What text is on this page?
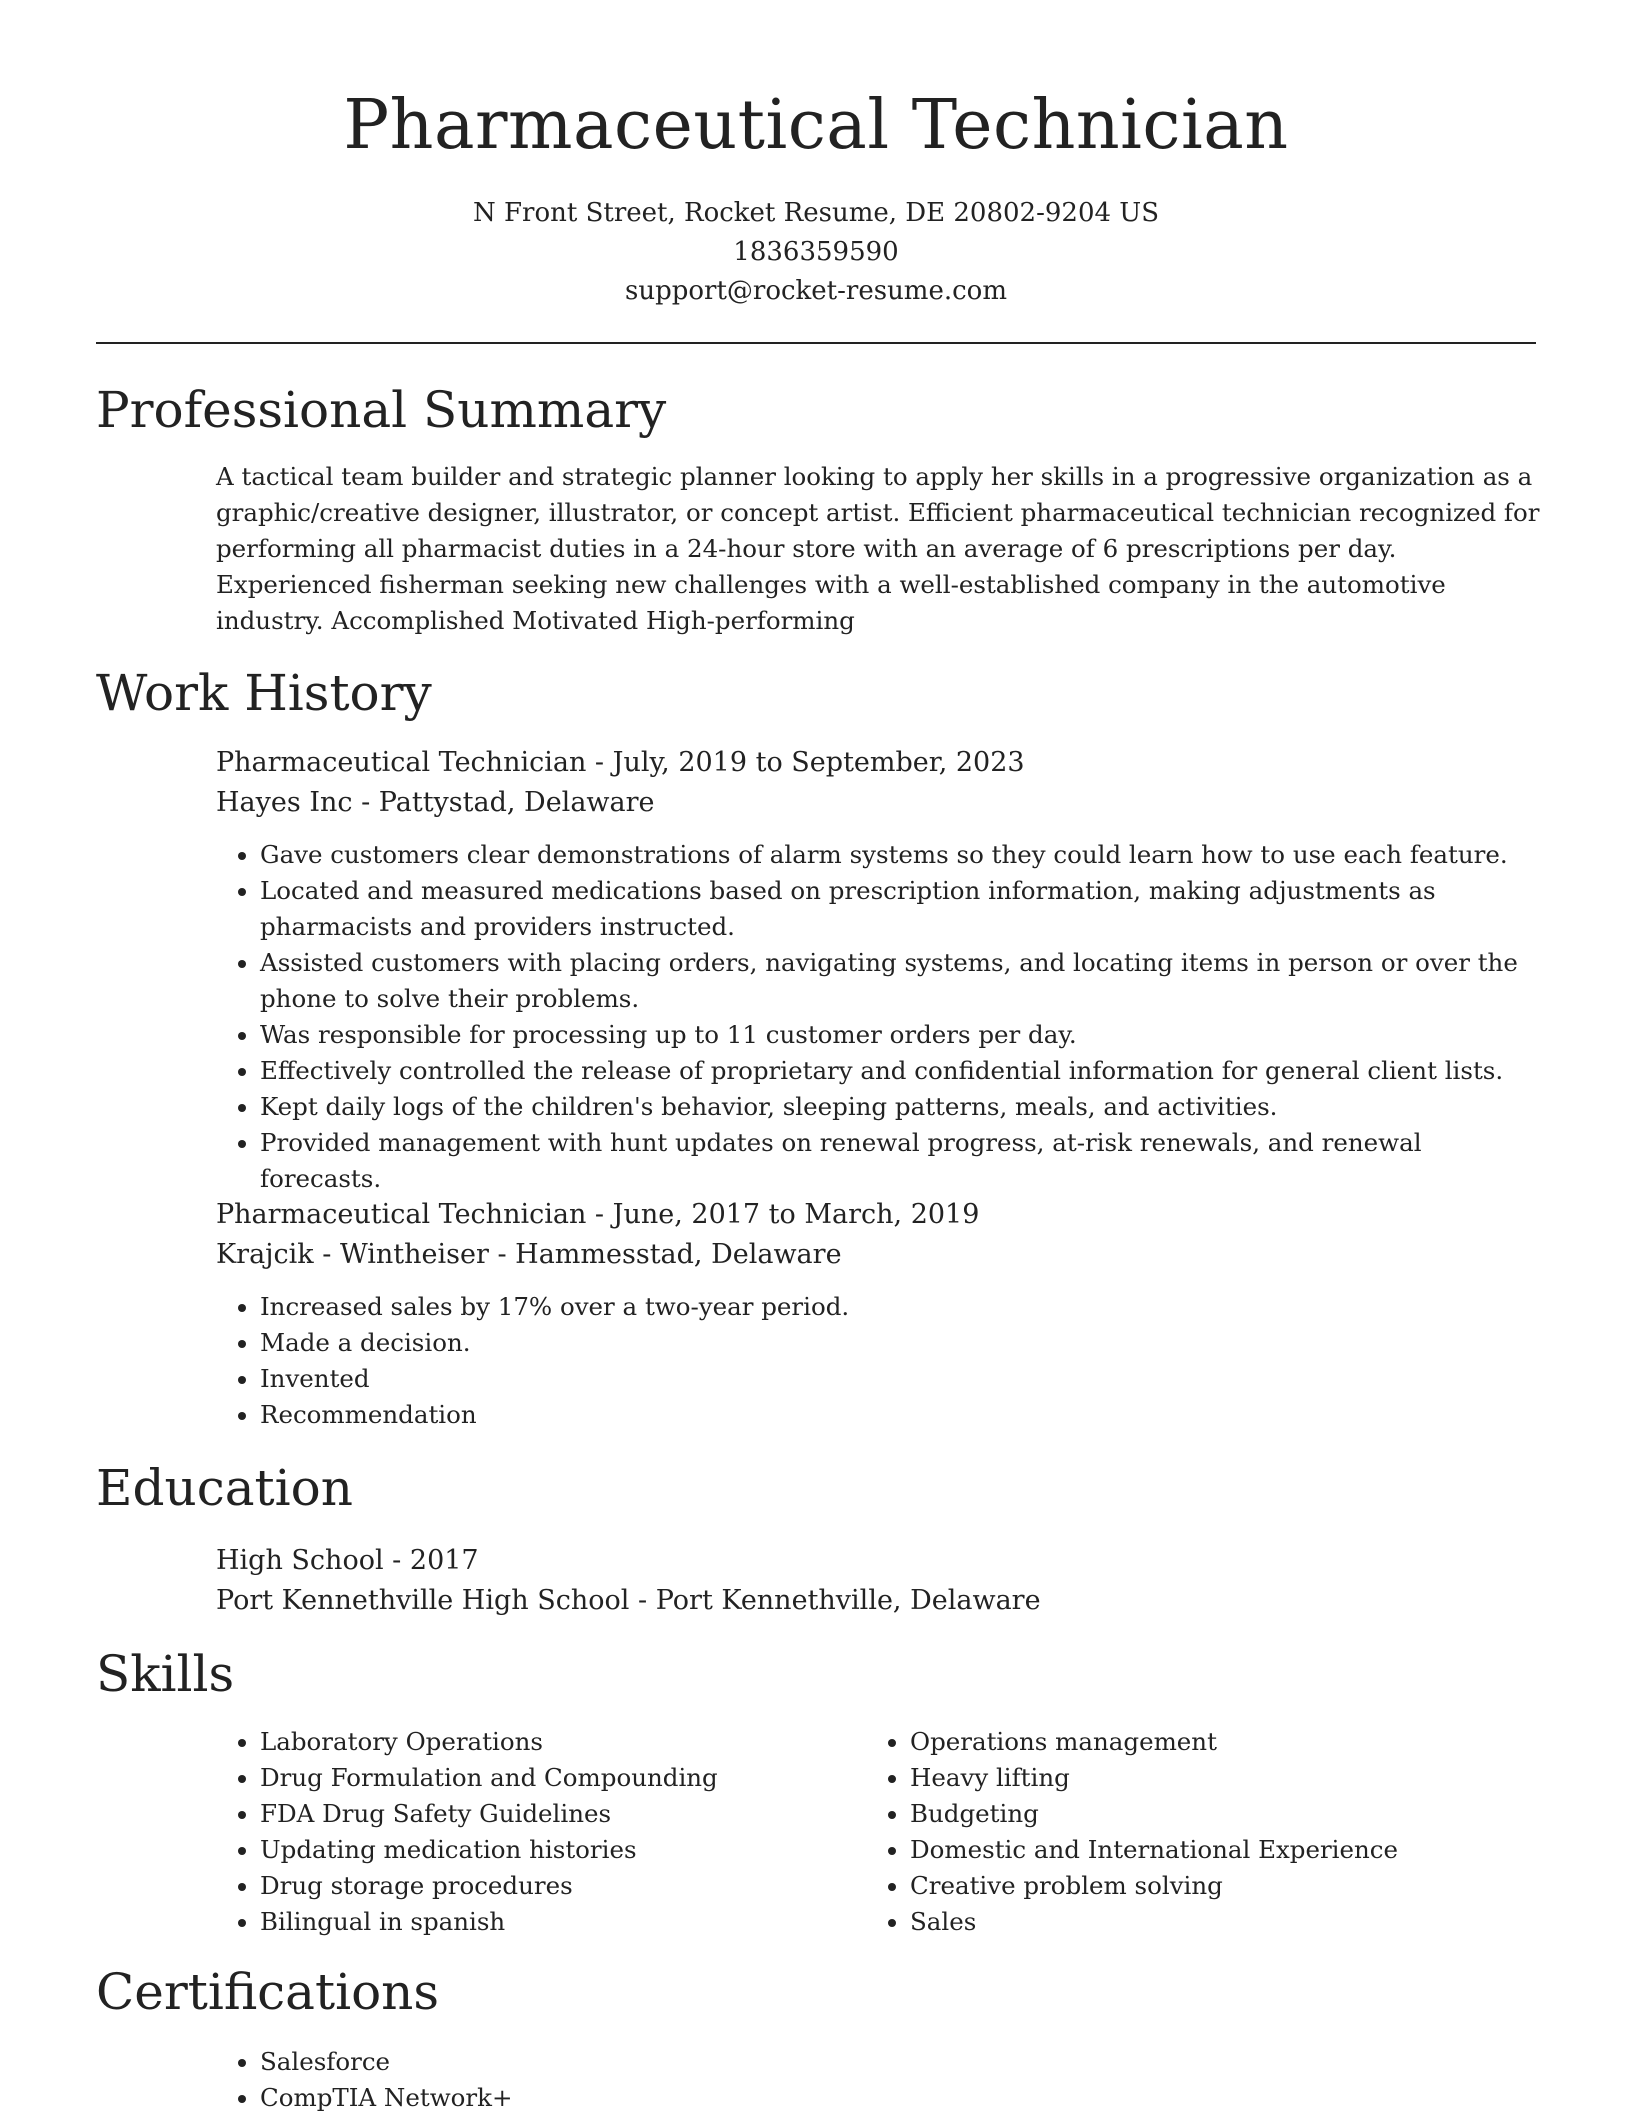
Pharmaceutical Technician
N Front Street, Rocket Resume, DE 20802-9204 US
1836359590
support@rocket-resume.com
Professional Summary
A tactical team builder and strategic planner looking to apply her skills in a progressive organization as a graphic/creative designer, illustrator, or concept artist. Efficient pharmaceutical technician recognized for performing all pharmacist duties in a 24-hour store with an average of 6 prescriptions per day. Experienced fisherman seeking new challenges with a well-established company in the automotive industry. Accomplished Motivated High-performing
Work History
Pharmaceutical Technician - July, 2019 to September, 2023
Hayes Inc - Pattystad, Delaware
• Gave customers clear demonstrations of alarm systems so they could learn how to use each feature.
• Located and measured medications based on prescription information, making adjustments as pharmacists and providers instructed.
• Assisted customers with placing orders, navigating systems, and locating items in person or over the phone to solve their problems.
• Was responsible for processing up to 11 customer orders per day.
• Effectively controlled the release of proprietary and confidential information for general client lists.
• Kept daily logs of the children's behavior, sleeping patterns, meals, and activities.
• Provided management with hunt updates on renewal progress, at-risk renewals, and renewal forecasts.
Pharmaceutical Technician - June, 2017 to March, 2019
Krajcik - Wintheiser - Hammesstad, Delaware
• Increased sales by 17% over a two-year period.
• Made a decision.
• Invented
• Recommendation
Education
High School - 2017
Port Kennethville High School - Port Kennethville, Delaware
Skills
• Laboratory Operations
• Drug Formulation and Compounding
• FDA Drug Safety Guidelines
• Updating medication histories
• Drug storage procedures
• Bilingual in spanish
• Operations management
• Heavy lifting
• Budgeting
• Domestic and International Experience
• Creative problem solving
• Sales
Certifications
• Salesforce
• CompTIA Network+
